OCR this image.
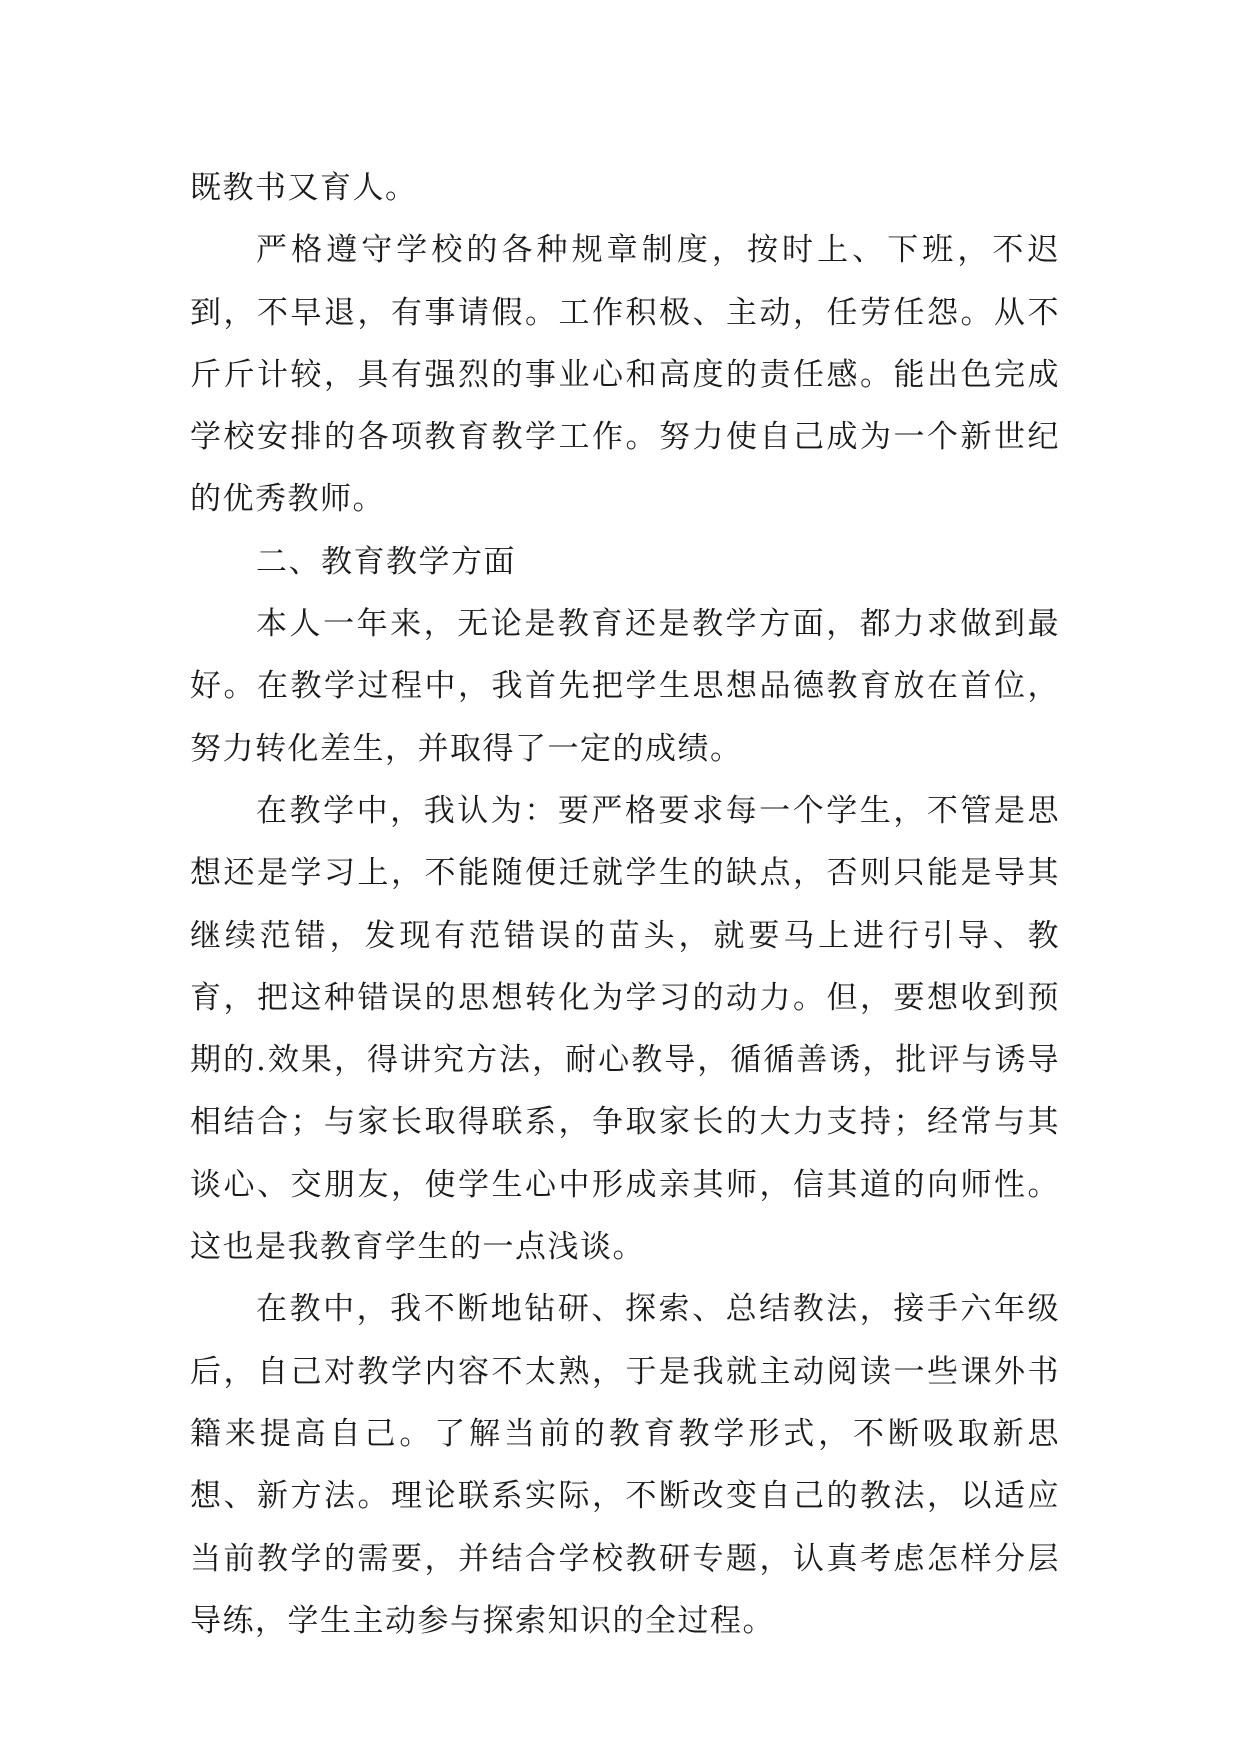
既教书又育人。

严格遵守学校的各种规章制度，按时上、下班，不迟到，不早退，有事请假。工作积极、主动，任劳任怨。从不斤斤计较，具有强烈的事业心和高度的责任感。能出色完成学校安排的各项教育教学工作。努力使自己成为一个新世纪的优秀教师。

二、教育教学方面

本人一年来，无论是教育还是教学方面，都力求做到最好。在教学过程中，我首先把学生思想品德教育放在首位，努力转化差生，并取得了一定的成绩。

在教学中，我认为：要严格要求每一个学生，不管是思想还是学习上，不能随便迁就学生的缺点，否则只能是导其继续范错，发现有范错误的苗头，就要马上进行引导、教育，把这种错误的思想转化为学习的动力。但，要想收到预期的.效果，得讲究方法，耐心教导，循循善诱，批评与诱导相结合；与家长取得联系，争取家长的大力支持；经常与其谈心、交朋友，使学生心中形成亲其师，信其道的向师性。这也是我教育学生的一点浅谈。

在教中，我不断地钻研、探索、总结教法，接手六年级后，自己对教学内容不太熟，于是我就主动阅读一些课外书籍来提高自己。了解当前的教育教学形式，不断吸取新思想、新方法。理论联系实际，不断改变自己的教法，以适应当前教学的需要，并结合学校教研专题，认真考虑怎样分层导练，学生主动参与探索知识的全过程。
